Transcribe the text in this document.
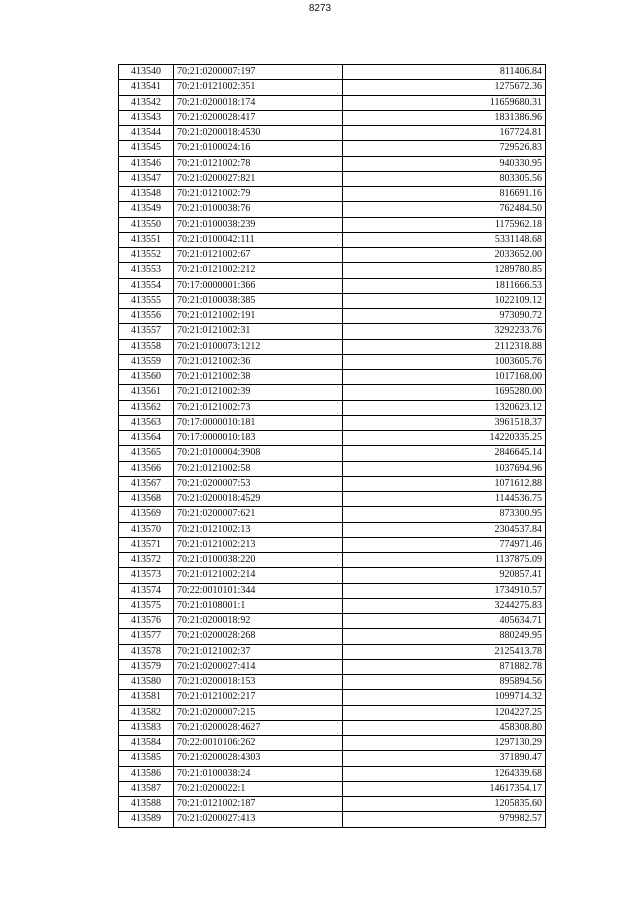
8273
413540	70:21:0200007:197	811406.84
413541	70:21:0121002:351	1275672.36
413542	70:21:0200018:174	11659680.31
413543	70:21:0200028:417	1831386.96
413544	70:21:0200018:4530	167724.81
413545	70:21:0100024:16	729526.83
413546	70:21:0121002:78	940330.95
413547	70:21:0200027:821	803305.56
413548	70:21:0121002:79	816691.16
413549	70:21:0100038:76	762484.50
413550	70:21:0100038:239	1175962.18
413551	70:21:0100042:111	5331148.68
413552	70:21:0121002:67	2033652.00
413553	70:21:0121002:212	1289780.85
413554	70:17:0000001:366	1811666.53
413555	70:21:0100038:385	1022109.12
413556	70:21:0121002:191	973090.72
413557	70:21:0121002:31	3292233.76
413558	70:21:0100073:1212	2112318.88
413559	70:21:0121002:36	1003605.76
413560	70:21:0121002:38	1017168.00
413561	70:21:0121002:39	1695280.00
413562	70:21:0121002:73	1320623.12
413563	70:17:0000010:181	3961518.37
413564	70:17:0000010:183	14220335.25
413565	70:21:0100004:3908	2846645.14
413566	70:21:0121002:58	1037694.96
413567	70:21:0200007:53	1071612.88
413568	70:21:0200018:4529	1144536.75
413569	70:21:0200007:621	873300.95
413570	70:21:0121002:13	2304537.84
413571	70:21:0121002:213	774971.46
413572	70:21:0100038:220	1137875.09
413573	70:21:0121002:214	920857.41
413574	70:22:0010101:344	1734910.57
413575	70:21:0108001:1	3244275.83
413576	70:21:0200018:92	405634.71
413577	70:21:0200028:268	880249.95
413578	70:21:0121002:37	2125413.78
413579	70:21:0200027:414	871882.78
413580	70:21:0200018:153	895894.56
413581	70:21:0121002:217	1099714.32
413582	70:21:0200007:215	1204227.25
413583	70:21:0200028:4627	458308.80
413584	70:22:0010106:262	1297130.29
413585	70:21:0200028:4303	371890.47
413586	70:21:0100038:24	1264339.68
413587	70:21:0200022:1	14617354.17
413588	70:21:0121002:187	1205835.60
413589	70:21:0200027:413	979982.57
